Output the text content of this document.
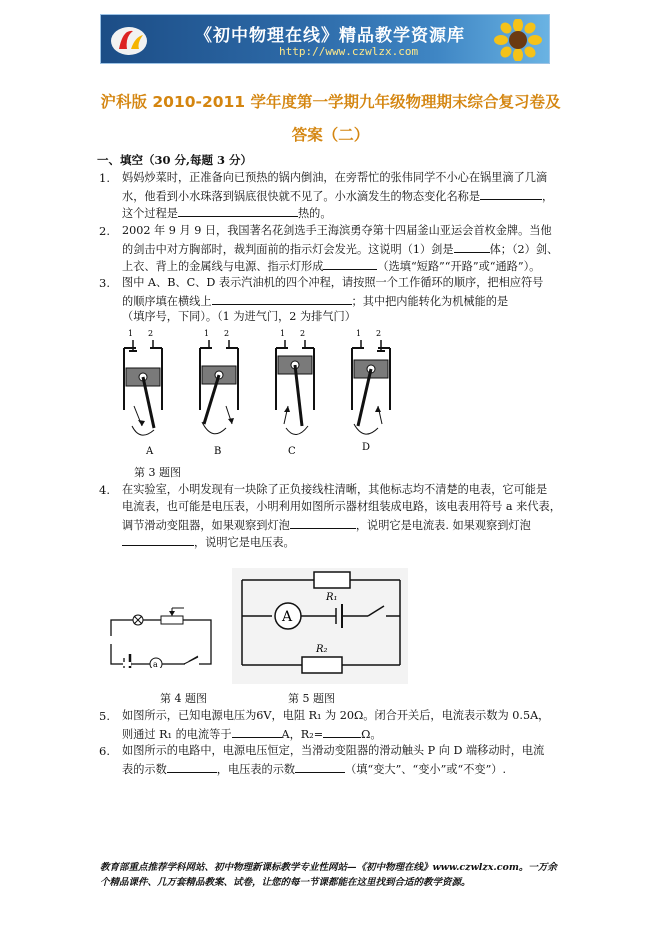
《初中物理在线》精品教学资源库
http://www.czwlzx.com
沪科版 2010-2011 学年度第一学期九年级物理期末综合复习卷及
答案（二）
一、填空（30 分,每题 3 分）
1. 妈妈炒菜时，正准备向已预热的锅内倒油，在旁帮忙的张伟同学不小心在锅里滴了几滴
水，他看到小水珠落到锅底很快就不见了。小水滴发生的物态变化名称是	，
这个过程是	热的。
2. 2002 年 9 月 9 日，我国著名花剑选手王海滨勇夺第十四届釜山亚运会首枚金牌。当他
的剑击中对方胸部时，裁判面前的指示灯会发光。这说明（1）剑是	体；（2）剑、
上衣、背上的金属线与电源、指示灯形成	（选填“短路”“开路”或“通路”）。
3. 图中 A、B、C、D 表示汽油机的四个冲程，请按照一个工作循环的顺序，把相应符号
的顺序填在横线上	；其中把内能转化为机械能的是
（填序号，下同）。（1 为进气门，2 为排气门）
1 2
A
1 2
B
1 2
C
1 2
D
第 3 题图
4. 在实验室，小明发现有一块除了正负接线柱清晰，其他标志均不清楚的电表，它可能是
电流表，也可能是电压表，小明利用如图所示器材组装成电路，该电表用符号 a 来代表，
调节滑动变阻器，如果观察到灯泡	，说明它是电流表. 如果观察到灯泡
，说明它是电压表。
a
R₁
A
R₂
第 4 题图	第 5 题图
5. 如图所示，已知电源电压为6V，电阻 R₁ 为 20Ω。闭合开关后，电流表示数为 0.5A，
则通过 R₁ 的电流等于	A，R₂=	Ω。
6. 如图所示的电路中，电源电压恒定，当滑动变阻器的滑动触头 P 向 D 端移动时，电流
表的示数	，电压表的示数	（填“变大”、“变小”或“不变”）.
教育部重点推荐学科网站、初中物理新课标教学专业性网站—《初中物理在线》www.czwlzx.com。一万余
个精品课件、几万套精品教案、试卷，让您的每一节课都能在这里找到合适的教学资源。
